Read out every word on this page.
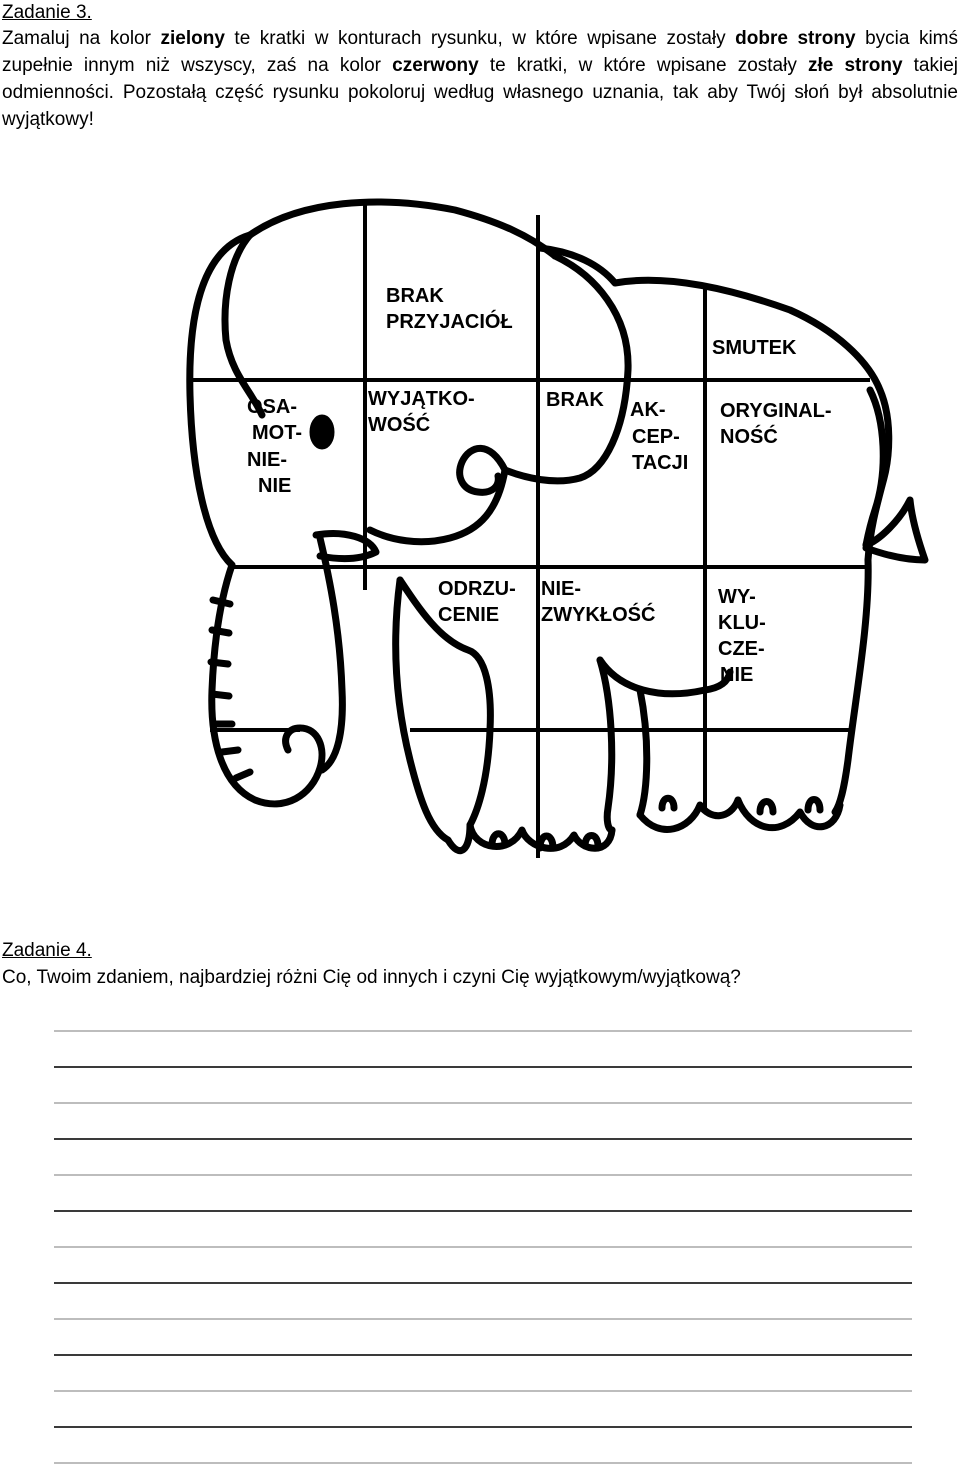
Zadanie 3.

Zamaluj na kolor zielony te kratki w konturach rysunku, w które wpisane zostały dobre strony bycia kimś zupełnie innym niż wszyscy, zaś na kolor czerwony te kratki, w które wpisane zostały złe strony takiej odmienności. Pozostałą część rysunku pokoloruj według własnego uznania, tak aby Twój słoń był absolutnie wyjątkowy!

BRAK
PRZYJACIÓŁ
SMUTEK
OSA-
MOT-
NIE-
NIE
WYJĄTKO-
WOŚĆ
BRAK AK-
CEP-
TACJI
ORYGINAL-
NOŚĆ
ODRZU-
CENIE
NIE-
ZWYKŁOŚĆ
WY-
KLU-
CZE-
NIE
Zadanie 4.

Co, Twoim zdaniem, najbardziej różni Cię od innych i czyni Cię wyjątkowym/wyjątkową?
